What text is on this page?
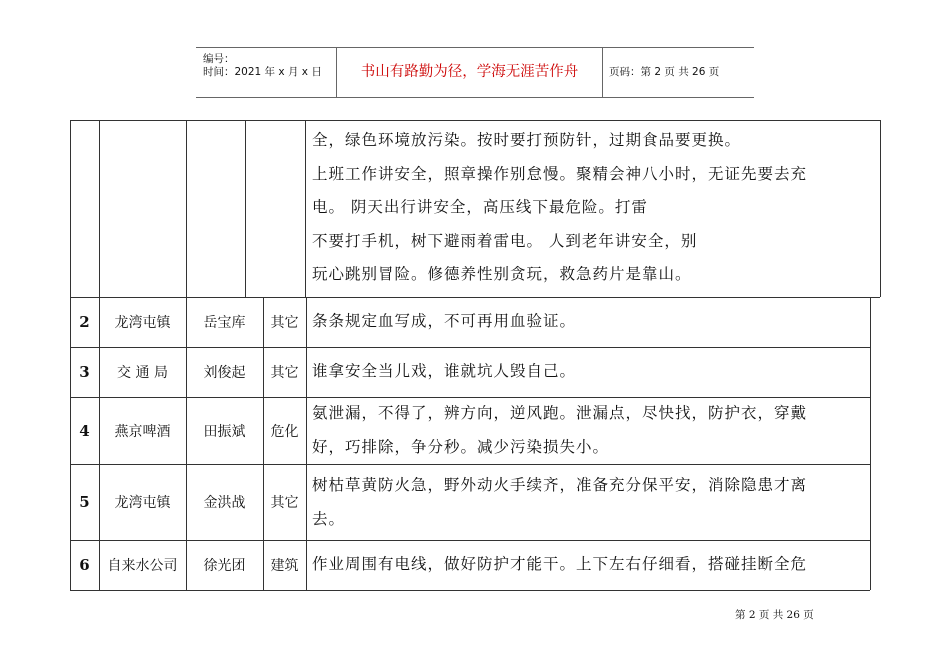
编号：
时间：2021 年 x 月 x 日	书山有路勤为径，学海无涯苦作舟	页码：第 2 页 共 26 页
全，绿色环境放污染。按时要打预防针，过期食品要更换。
上班工作讲安全，照章操作别怠慢。聚精会神八小时，无证先要去充
电。 阴天出行讲安全，高压线下最危险。打雷
不要打手机，树下避雨着雷电。 人到老年讲安全，别
玩心跳别冒险。修德养性别贪玩，救急药片是靠山。
2	龙湾屯镇	岳宝库	其它 条条规定血写成，不可再用血验证。
3	交 通 局	刘俊起	其它 谁拿安全当儿戏，谁就坑人毁自己。
4	燕京啤酒	田振斌	危化
氨泄漏，不得了，辨方向，逆风跑。泄漏点，尽快找，防护衣，穿戴
好，巧排除，争分秒。减少污染损失小。
5	龙湾屯镇	金洪战	其它
树枯草黄防火急，野外动火手续齐，准备充分保平安，消除隐患才离
去。
6	自来水公司	徐光团	建筑 作业周围有电线，做好防护才能干。上下左右仔细看，搭碰挂断全危
第 2 页 共 26 页
